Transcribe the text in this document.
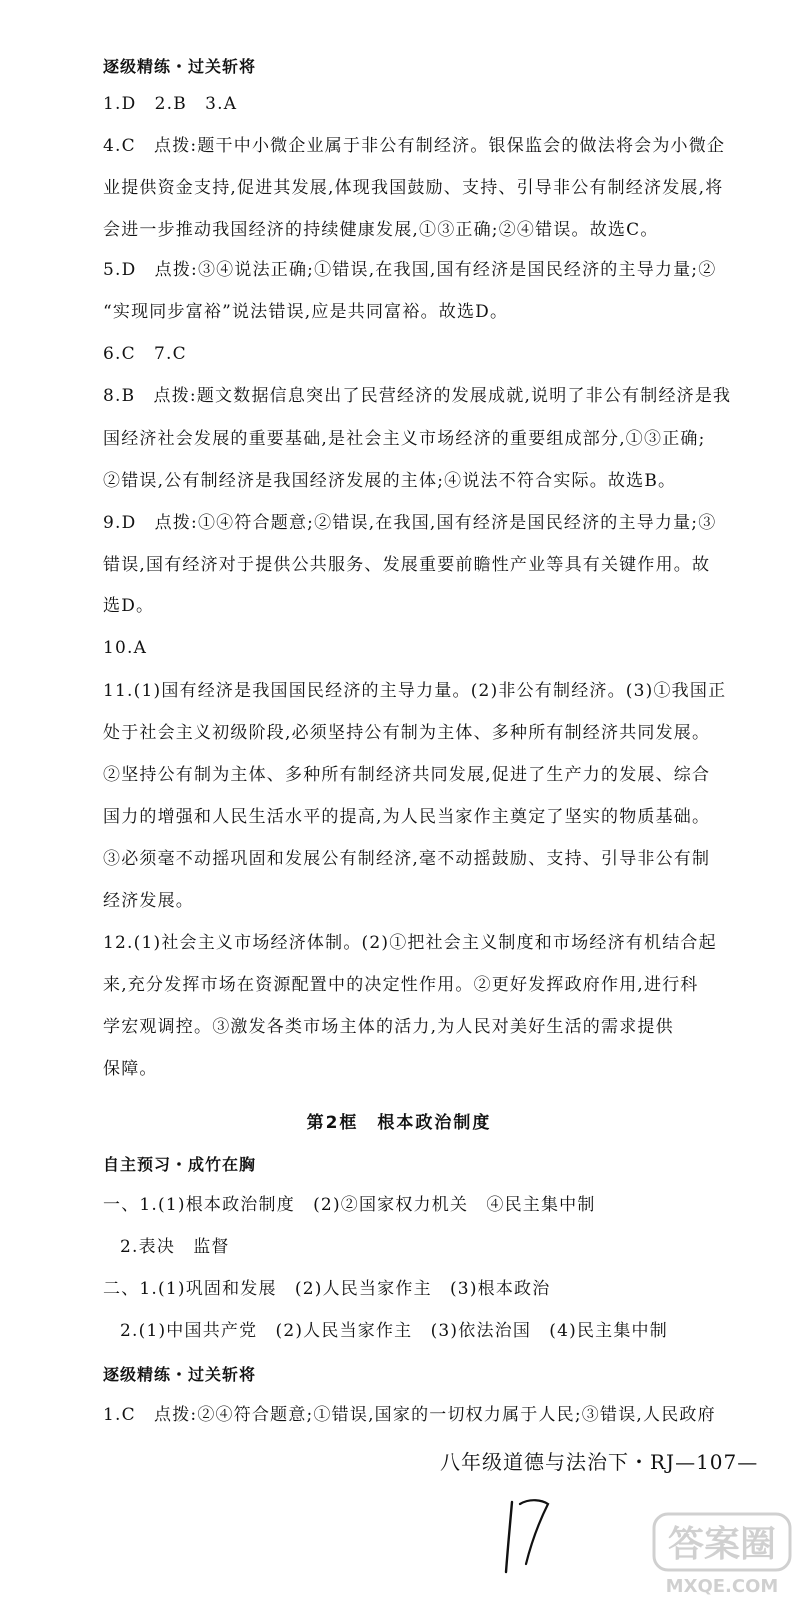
逐级精练・过关斩将
1.D　2.B　3.A
4.C　点拨:题干中小微企业属于非公有制经济。银保监会的做法将会为小微企
业提供资金支持,促进其发展,体现我国鼓励、支持、引导非公有制经济发展,将
会进一步推动我国经济的持续健康发展,①③正确;②④错误。故选C。
5.D　点拨:③④说法正确;①错误,在我国,国有经济是国民经济的主导力量;②
“实现同步富裕”说法错误,应是共同富裕。故选D。
6.C　7.C
8.B　点拨:题文数据信息突出了民营经济的发展成就,说明了非公有制经济是我
国经济社会发展的重要基础,是社会主义市场经济的重要组成部分,①③正确;
②错误,公有制经济是我国经济发展的主体;④说法不符合实际。故选B。
9.D　点拨:①④符合题意;②错误,在我国,国有经济是国民经济的主导力量;③
错误,国有经济对于提供公共服务、发展重要前瞻性产业等具有关键作用。故
选D。
10.A
11.(1)国有经济是我国国民经济的主导力量。(2)非公有制经济。(3)①我国正
处于社会主义初级阶段,必须坚持公有制为主体、多种所有制经济共同发展。
②坚持公有制为主体、多种所有制经济共同发展,促进了生产力的发展、综合
国力的增强和人民生活水平的提高,为人民当家作主奠定了坚实的物质基础。
③必须毫不动摇巩固和发展公有制经济,毫不动摇鼓励、支持、引导非公有制
经济发展。
12.(1)社会主义市场经济体制。(2)①把社会主义制度和市场经济有机结合起
来,充分发挥市场在资源配置中的决定性作用。②更好发挥政府作用,进行科
学宏观调控。③激发各类市场主体的活力,为人民对美好生活的需求提供
保障。
第2框　根本政治制度
自主预习・成竹在胸
一、1.(1)根本政治制度　(2)②国家权力机关　④民主集中制
2.表决　监督
二、1.(1)巩固和发展　(2)人民当家作主　(3)根本政治
2.(1)中国共产党　(2)人民当家作主　(3)依法治国　(4)民主集中制
逐级精练・过关斩将
1.C　点拨:②④符合题意;①错误,国家的一切权力属于人民;③错误,人民政府
八年级道德与法治下・RJ—107—
答案圈
MXQE.COM
